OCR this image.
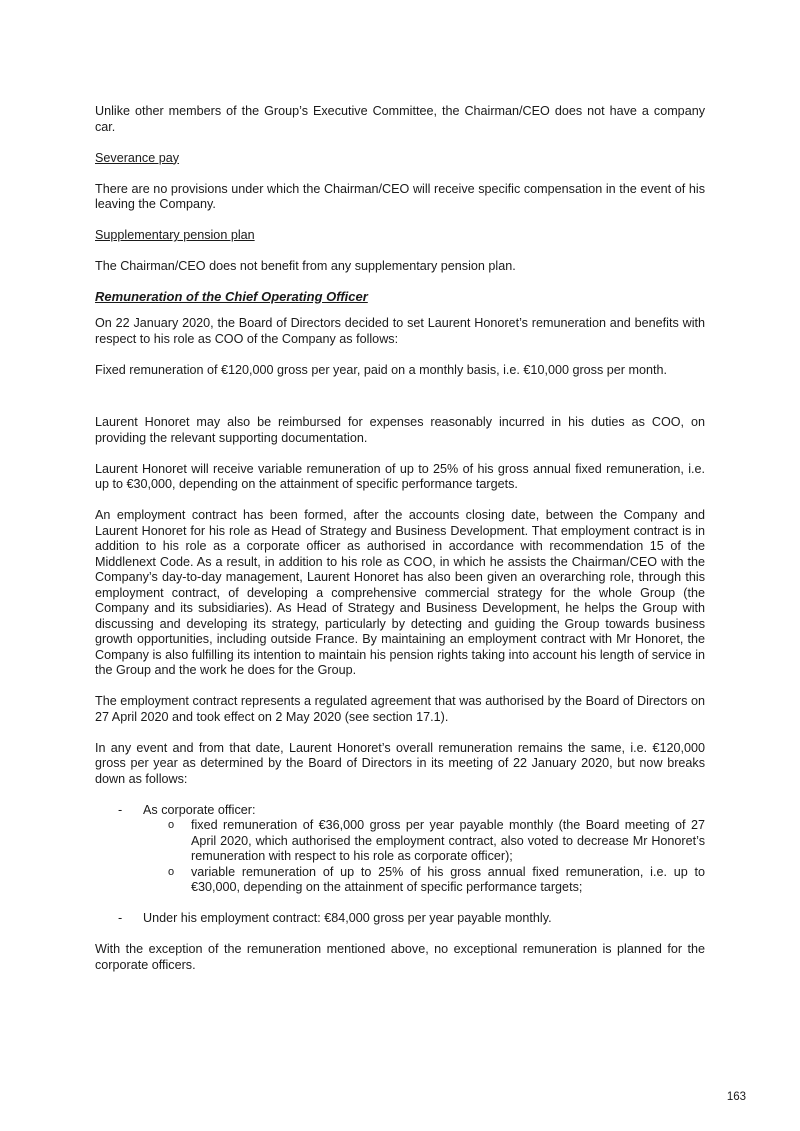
Unlike other members of the Group’s Executive Committee, the Chairman/CEO does not have a company car.

Severance pay

There are no provisions under which the Chairman/CEO will receive specific compensation in the event of his leaving the Company.

Supplementary pension plan

The Chairman/CEO does not benefit from any supplementary pension plan.

Remuneration of the Chief Operating Officer

On 22 January 2020, the Board of Directors decided to set Laurent Honoret’s remuneration and benefits with respect to his role as COO of the Company as follows:

Fixed remuneration of €120,000 gross per year, paid on a monthly basis, i.e. €10,000 gross per month.

Laurent Honoret may also be reimbursed for expenses reasonably incurred in his duties as COO, on providing the relevant supporting documentation.

Laurent Honoret will receive variable remuneration of up to 25% of his gross annual fixed remuneration, i.e. up to €30,000, depending on the attainment of specific performance targets.

An employment contract has been formed, after the accounts closing date, between the Company and Laurent Honoret for his role as Head of Strategy and Business Development. That employment contract is in addition to his role as a corporate officer as authorised in accordance with recommendation 15 of the Middlenext Code. As a result, in addition to his role as COO, in which he assists the Chairman/CEO with the Company’s day-to-day management, Laurent Honoret has also been given an overarching role, through this employment contract, of developing a comprehensive commercial strategy for the whole Group (the Company and its subsidiaries). As Head of Strategy and Business Development, he helps the Group with discussing and developing its strategy, particularly by detecting and guiding the Group towards business growth opportunities, including outside France. By maintaining an employment contract with Mr Honoret, the Company is also fulfilling its intention to maintain his pension rights taking into account his length of service in the Group and the work he does for the Group.

The employment contract represents a regulated agreement that was authorised by the Board of Directors on 27 April 2020 and took effect on 2 May 2020 (see section 17.1).

In any event and from that date, Laurent Honoret’s overall remuneration remains the same, i.e. €120,000 gross per year as determined by the Board of Directors in its meeting of 22 January 2020, but now breaks down as follows:

- As corporate officer:
o fixed remuneration of €36,000 gross per year payable monthly (the Board meeting of 27 April 2020, which authorised the employment contract, also voted to decrease Mr Honoret’s remuneration with respect to his role as corporate officer);
o variable remuneration of up to 25% of his gross annual fixed remuneration, i.e. up to €30,000, depending on the attainment of specific performance targets;
- Under his employment contract: €84,000 gross per year payable monthly.

With the exception of the remuneration mentioned above, no exceptional remuneration is planned for the corporate officers.

163
